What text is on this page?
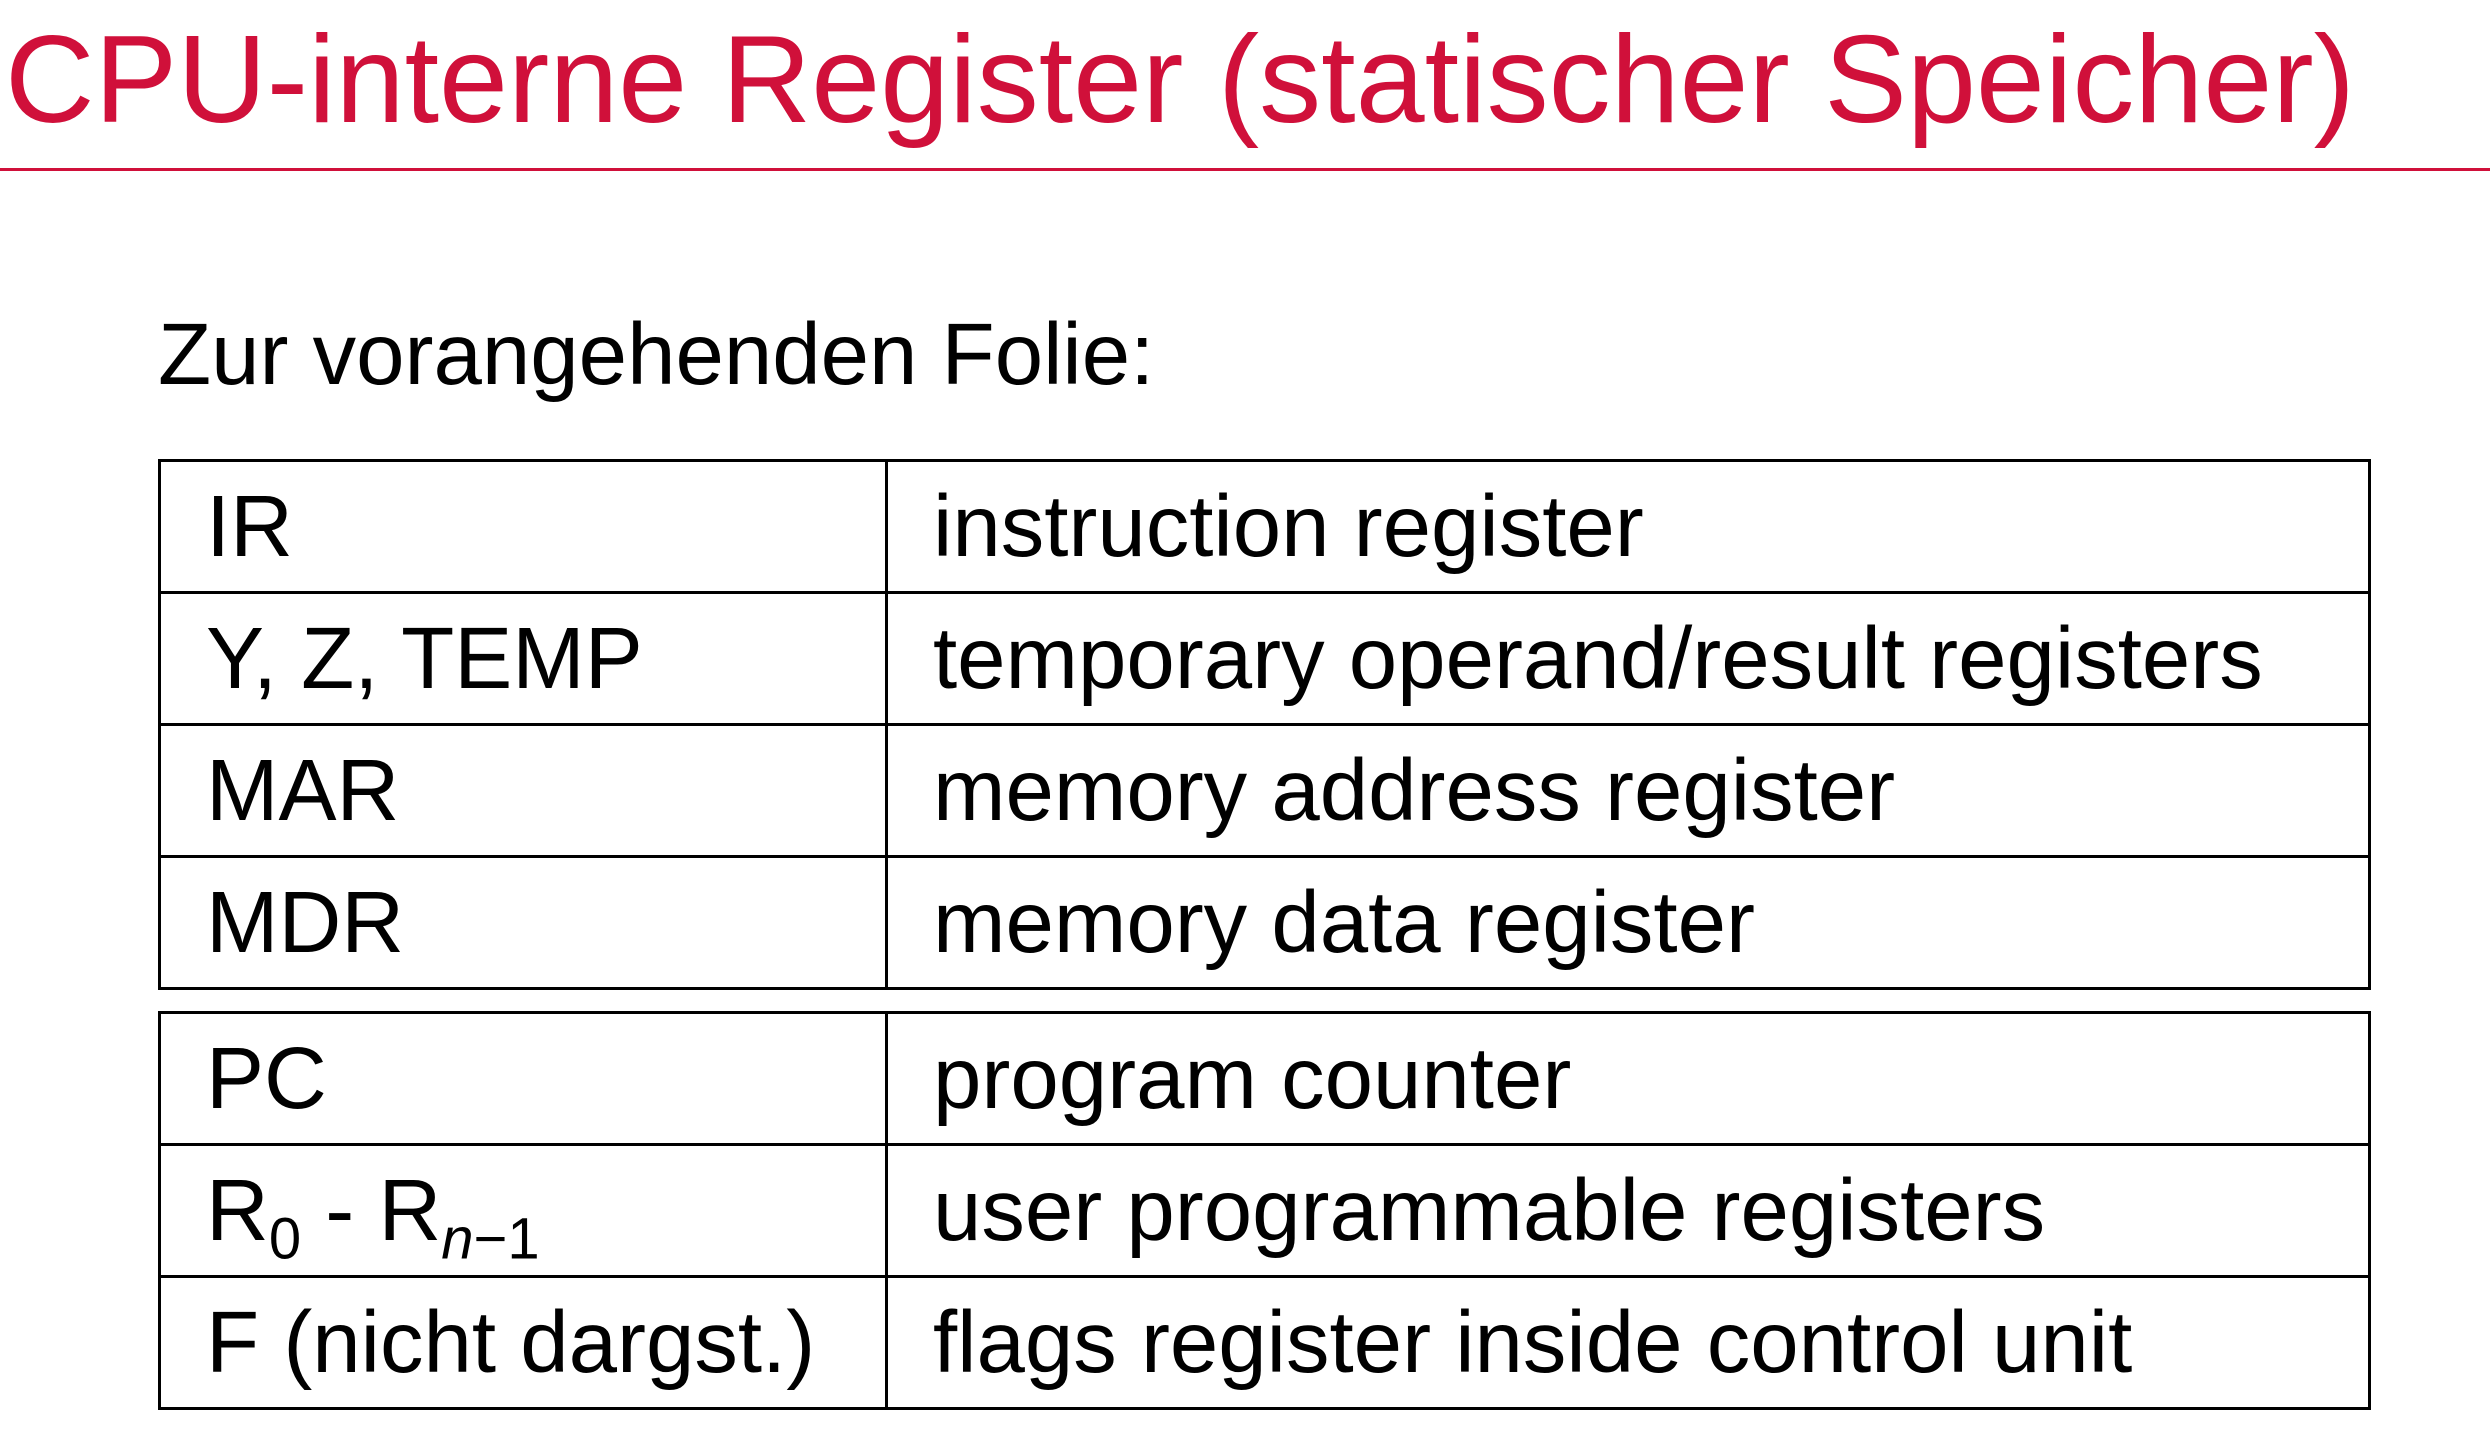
CPU-interne Register (statischer Speicher)
Zur vorangehenden Folie:
IR	instruction register
Y, Z, TEMP	temporary operand/result registers
MAR	memory address register
MDR	memory data register
PC	program counter
$R_0 - R_{n-1}$	user programmable registers
F (nicht dargst.)	flags register inside control unit
